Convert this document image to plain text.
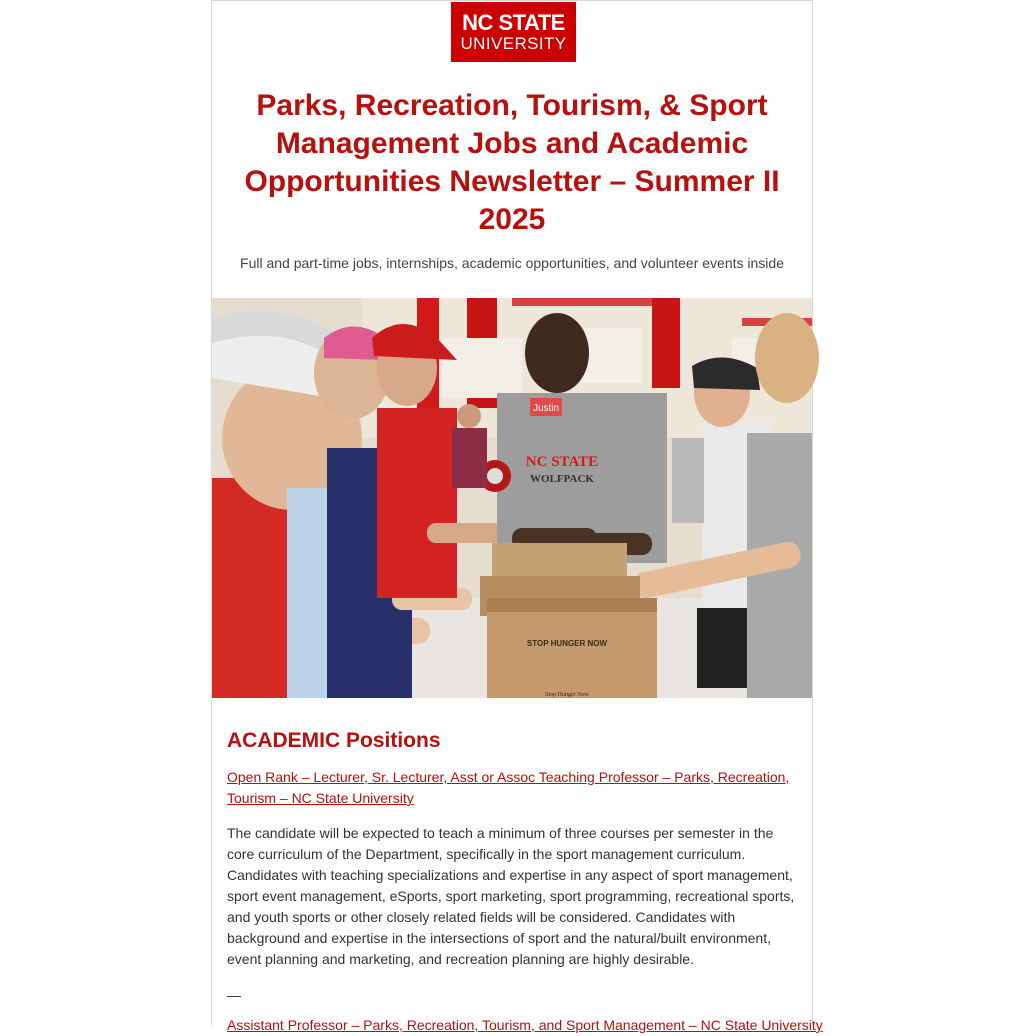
NC STATE
UNIVERSITY
Parks, Recreation, Tourism, & Sport Management Jobs and Academic Opportunities Newsletter – Summer II 2025

Full and part-time jobs, internships, academic opportunities, and volunteer events inside

Justin
NC STATE
WOLFPACK
STOP HUNGER NOW
Stop Hunger Now
ACADEMIC Positions
Open Rank – Lecturer, Sr. Lecturer, Asst or Assoc Teaching Professor – Parks, Recreation, Tourism – NC State University

The candidate will be expected to teach a minimum of three courses per semester in the core curriculum of the Department, specifically in the sport management curriculum. Candidates with teaching specializations and expertise in any aspect of sport management, sport event management, eSports, sport marketing, sport programming, recreational sports, and youth sports or other closely related fields will be considered. Candidates with background and expertise in the intersections of sport and the natural/built environment, event planning and marketing, and recreation planning are highly desirable.

—

Assistant Professor – Parks, Recreation, Tourism, and Sport Management – NC State University
